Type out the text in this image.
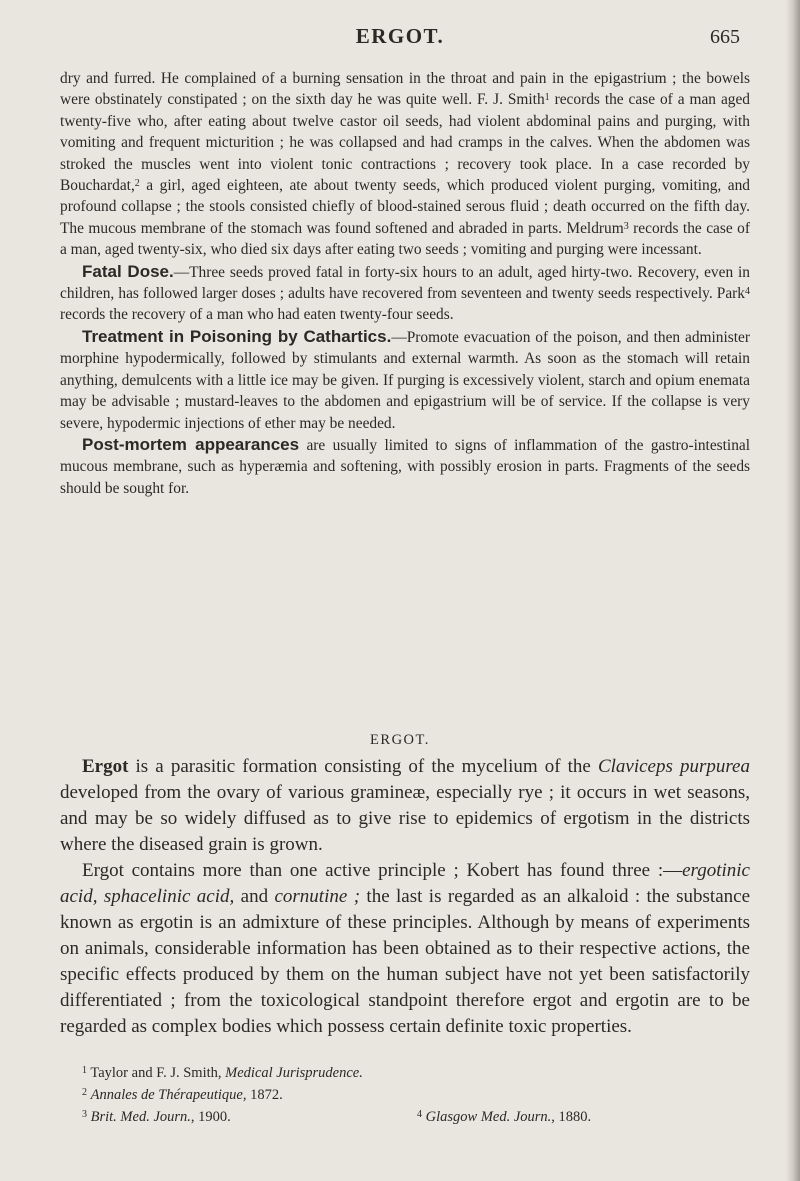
ERGOT.	665

dry and furred. He complained of a burning sensation in the throat and pain in the epigastrium ; the bowels were obstinately constipated ; on the sixth day he was quite well. F. J. Smith$^1$ records the case of a man aged twenty-five who, after eating about twelve castor oil seeds, had violent abdominal pains and purging, with vomiting and frequent micturition ; he was collapsed and had cramps in the calves. When the abdomen was stroked the muscles went into violent tonic contractions ; recovery took place. In a case recorded by Bouchardat,$^2$ a girl, aged eighteen, ate about twenty seeds, which produced violent purging, vomiting, and profound collapse ; the stools consisted chiefly of blood-stained serous fluid ; death occurred on the fifth day. The mucous membrane of the stomach was found softened and abraded in parts. Meldrum$^3$ records the case of a man, aged twenty-six, who died six days after eating two seeds ; vomiting and purging were incessant.

Fatal Dose.—Three seeds proved fatal in forty-six hours to an adult, aged hirty-two. Recovery, even in children, has followed larger doses ; adults have recovered from seventeen and twenty seeds respectively. Park$^4$ records the recovery of a man who had eaten twenty-four seeds.

Treatment in Poisoning by Cathartics.—Promote evacuation of the poison, and then administer morphine hypodermically, followed by stimulants and external warmth. As soon as the stomach will retain anything, demulcents with a little ice may be given. If purging is excessively violent, starch and opium enemata may be advisable ; mustard-leaves to the abdomen and epigastrium will be of service. If the collapse is very severe, hypodermic injections of ether may be needed.

Post-mortem appearances are usually limited to signs of inflammation of the gastro-intestinal mucous membrane, such as hyperæmia and softening, with possibly erosion in parts. Fragments of the seeds should be sought for.

ERGOT.

Ergot is a parasitic formation consisting of the mycelium of the Claviceps purpurea developed from the ovary of various gramineæ, especially rye ; it occurs in wet seasons, and may be so widely diffused as to give rise to epidemics of ergotism in the districts where the diseased grain is grown.

Ergot contains more than one active principle ; Kobert has found three :—ergotinic acid, sphacelinic acid, and cornutine ; the last is regarded as an alkaloid : the substance known as ergotin is an admixture of these principles. Although by means of experiments on animals, considerable information has been obtained as to their respective actions, the specific effects produced by them on the human subject have not yet been satisfactorily differentiated ; from the toxicological standpoint therefore ergot and ergotin are to be regarded as complex bodies which possess certain definite toxic properties.

$^1$ Taylor and F. J. Smith, Medical Jurisprudence.
$^2$ Annales de Thérapeutique, 1872.
$^3$ Brit. Med. Journ., 1900.	$^4$ Glasgow Med. Journ., 1880.
